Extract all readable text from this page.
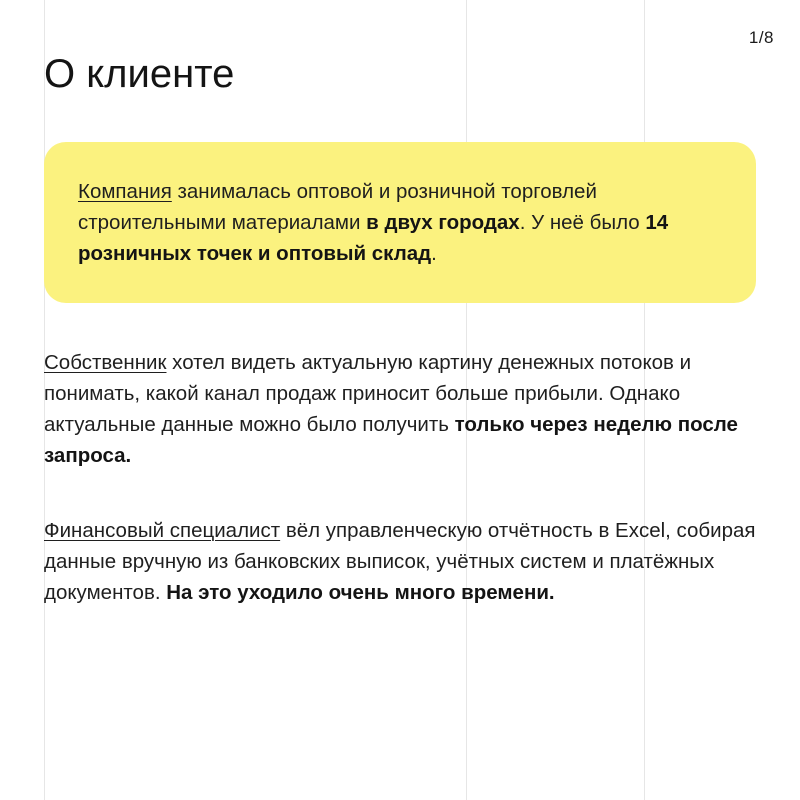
1/8
О клиенте

Компания занималась оптовой и розничной торговлей строительными материалами в двух городах. У неё было 14 розничных точек и оптовый склад.

Собственник хотел видеть актуальную картину денежных потоков и понимать, какой канал продаж приносит больше прибыли. Однако актуальные данные можно было получить только через неделю после запроса.

Финансовый специалист вёл управленческую отчётность в Excel, собирая данные вручную из банковских выписок, учётных систем и платёжных документов. На это уходило очень много времени.
